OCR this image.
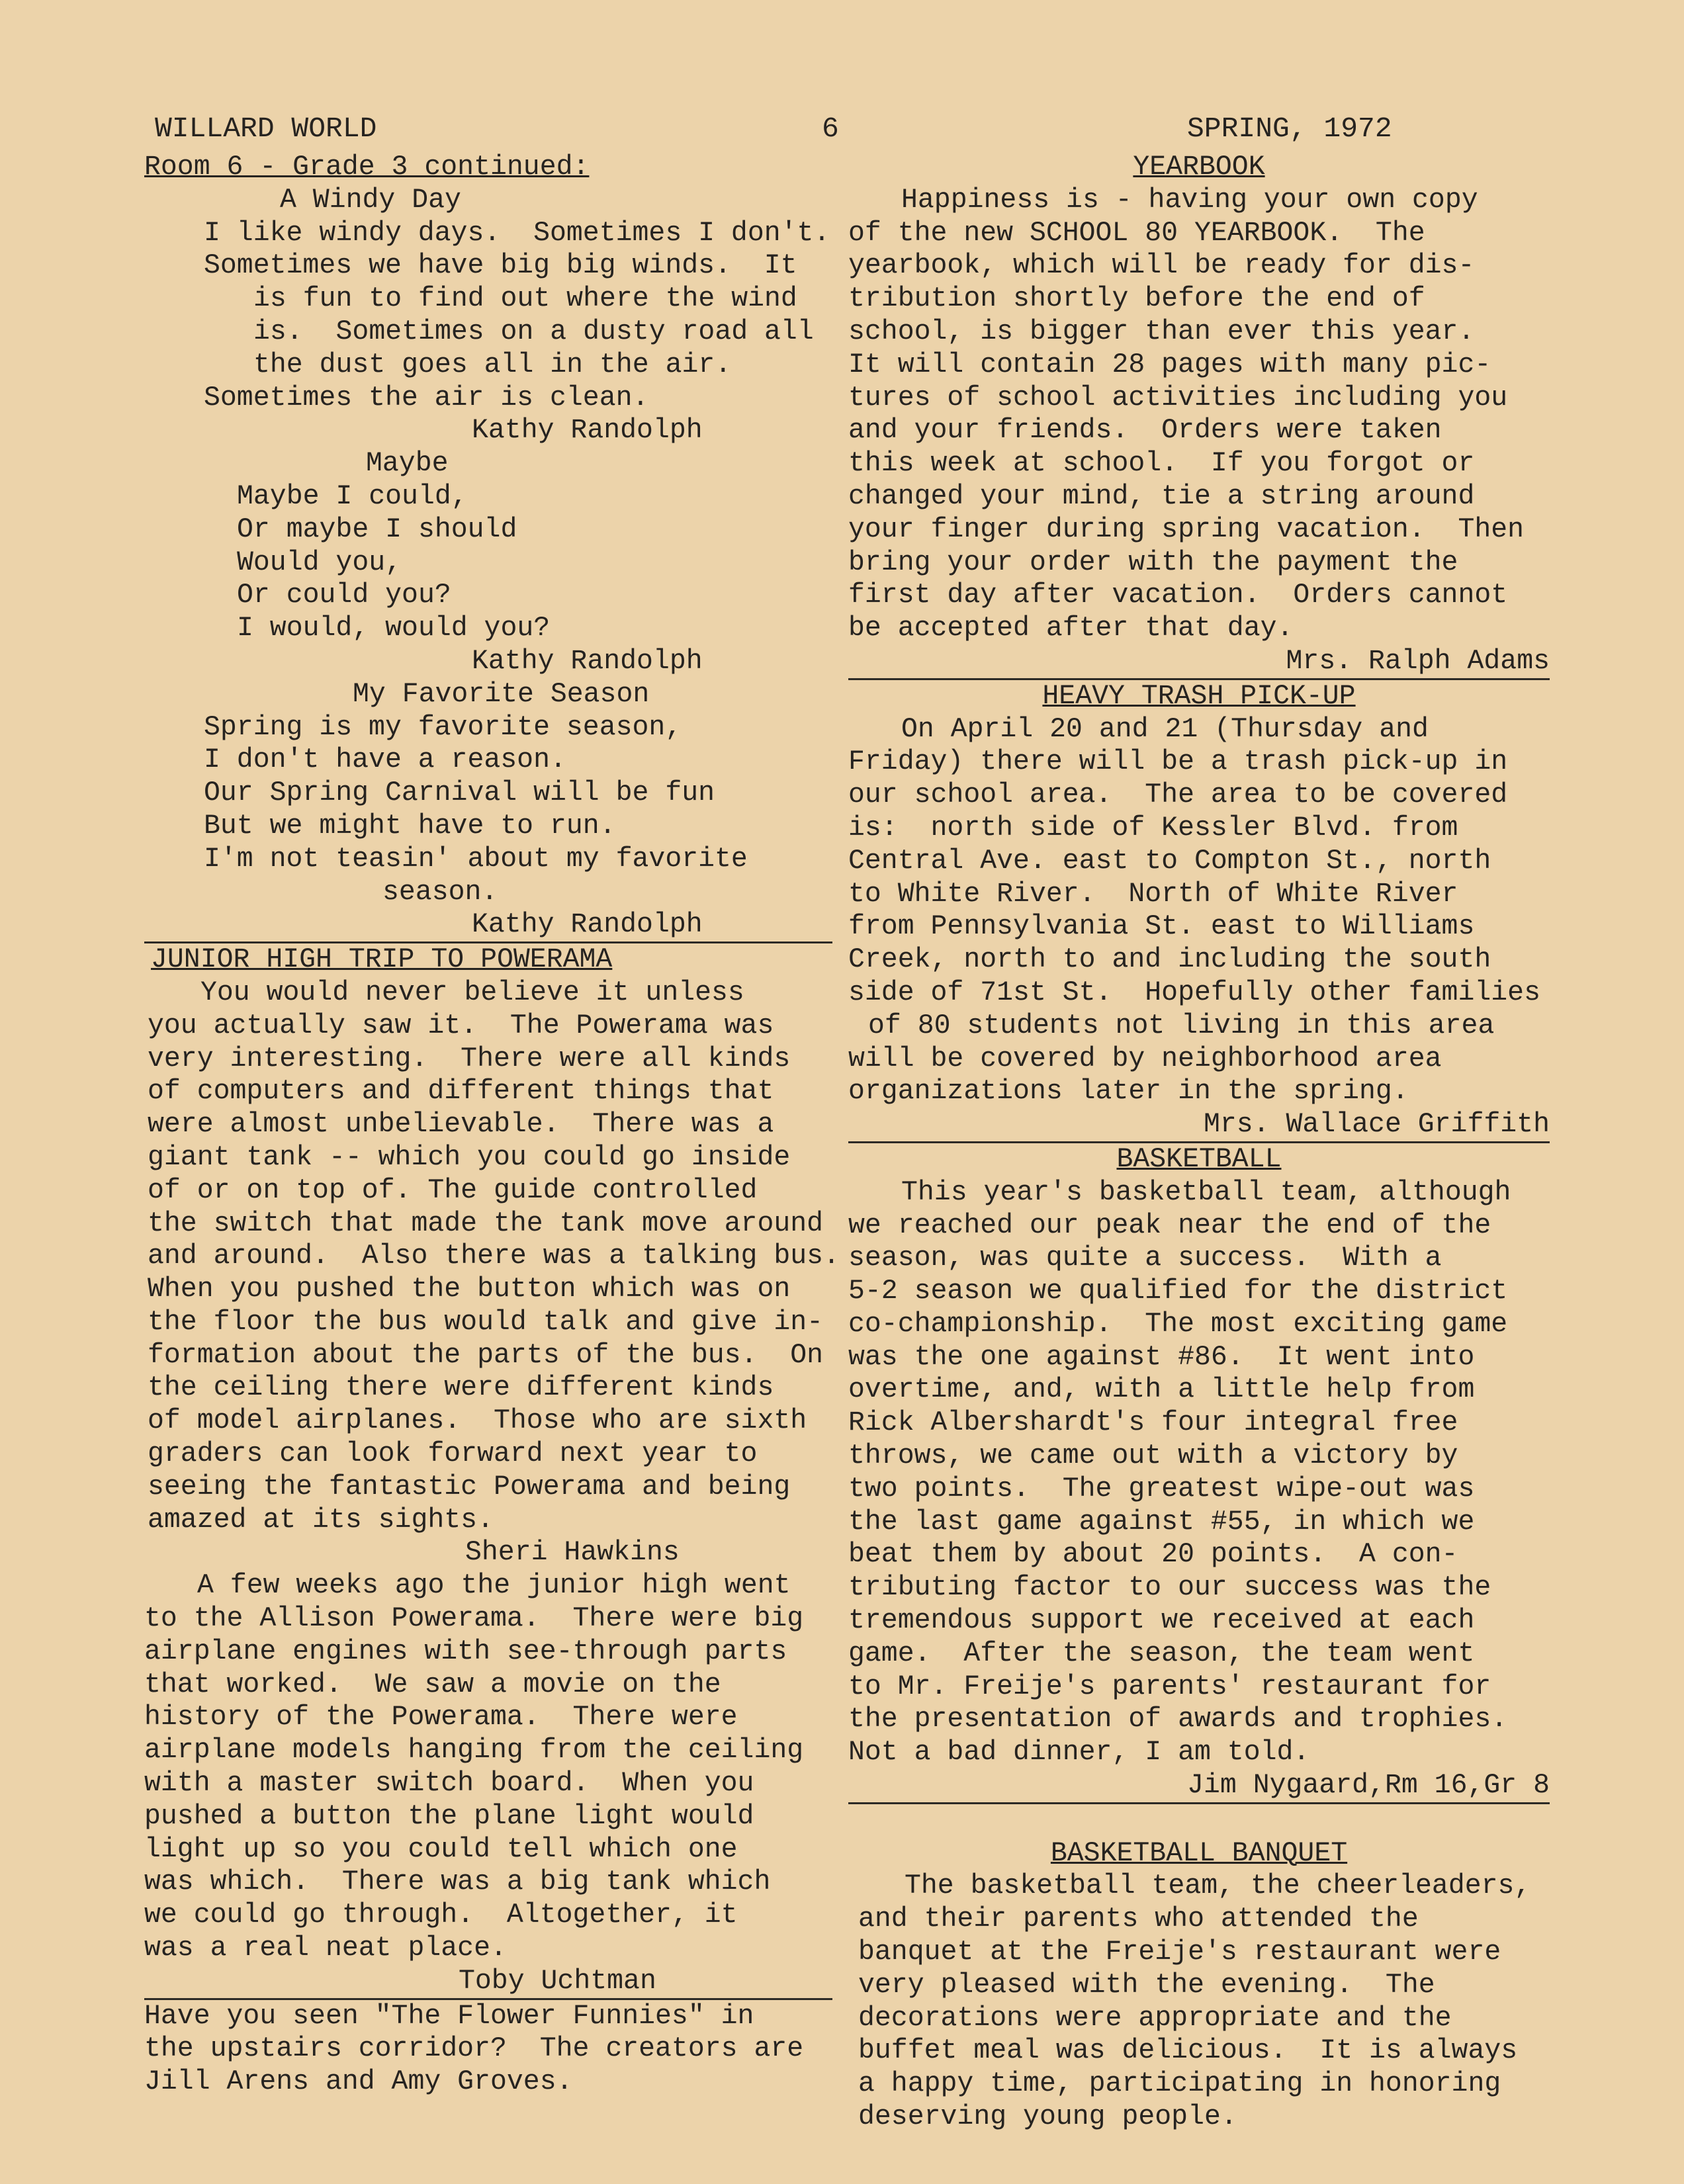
WILLARD WORLD	6	SPRING, 1972
Room 6 - Grade 3 continued:
A Windy Day
I like windy days.  Sometimes I don't.
Sometimes we have big big winds.  It
is fun to find out where the wind
is.  Sometimes on a dusty road all
the dust goes all in the air.
Sometimes the air is clean.
Kathy Randolph
Maybe
Maybe I could,
Or maybe I should
Would you,
Or could you?
I would, would you?
Kathy Randolph
My Favorite Season
Spring is my favorite season,
I don't have a reason.
Our Spring Carnival will be fun
But we might have to run.
I'm not teasin' about my favorite
season.
Kathy Randolph
JUNIOR HIGH TRIP TO POWERAMA
You would never believe it unless
you actually saw it.  The Powerama was
very interesting.  There were all kinds
of computers and different things that
were almost unbelievable.  There was a
giant tank -- which you could go inside
of or on top of. The guide controlled
the switch that made the tank move around
and around.  Also there was a talking bus.
When you pushed the button which was on
the floor the bus would talk and give in-
formation about the parts of the bus.  On
the ceiling there were different kinds
of model airplanes.  Those who are sixth
graders can look forward next year to
seeing the fantastic Powerama and being
amazed at its sights.
Sheri Hawkins
A few weeks ago the junior high went
to the Allison Powerama.  There were big
airplane engines with see-through parts
that worked.  We saw a movie on the
history of the Powerama.  There were
airplane models hanging from the ceiling
with a master switch board.  When you
pushed a button the plane light would
light up so you could tell which one
was which.  There was a big tank which
we could go through.  Altogether, it
was a real neat place.
Toby Uchtman
Have you seen "The Flower Funnies" in
the upstairs corridor?  The creators are
Jill Arens and Amy Groves.
YEARBOOK
Happiness is - having your own copy
of the new SCHOOL 80 YEARBOOK.  The
yearbook, which will be ready for dis-
tribution shortly before the end of
school, is bigger than ever this year.
It will contain 28 pages with many pic-
tures of school activities including you
and your friends.  Orders were taken
this week at school.  If you forgot or
changed your mind, tie a string around
your finger during spring vacation.  Then
bring your order with the payment the
first day after vacation.  Orders cannot
be accepted after that day.
Mrs. Ralph Adams
HEAVY TRASH PICK-UP
On April 20 and 21 (Thursday and
Friday) there will be a trash pick-up in
our school area.  The area to be covered
is:  north side of Kessler Blvd. from
Central Ave. east to Compton St., north
to White River.  North of White River
from Pennsylvania St. east to Williams
Creek, north to and including the south
side of 71st St.  Hopefully other families
of 80 students not living in this area
will be covered by neighborhood area
organizations later in the spring.
Mrs. Wallace Griffith
BASKETBALL
This year's basketball team, although
we reached our peak near the end of the
season, was quite a success.  With a
5-2 season we qualified for the district
co-championship.  The most exciting game
was the one against #86.  It went into
overtime, and, with a little help from
Rick Albershardt's four integral free
throws, we came out with a victory by
two points.  The greatest wipe-out was
the last game against #55, in which we
beat them by about 20 points.  A con-
tributing factor to our success was the
tremendous support we received at each
game.  After the season, the team went
to Mr. Freije's parents' restaurant for
the presentation of awards and trophies.
Not a bad dinner, I am told.
Jim Nygaard,Rm 16,Gr 8
BASKETBALL BANQUET
The basketball team, the cheerleaders,
and their parents who attended the
banquet at the Freije's restaurant were
very pleased with the evening.  The
decorations were appropriate and the
buffet meal was delicious.  It is always
a happy time, participating in honoring
deserving young people.
